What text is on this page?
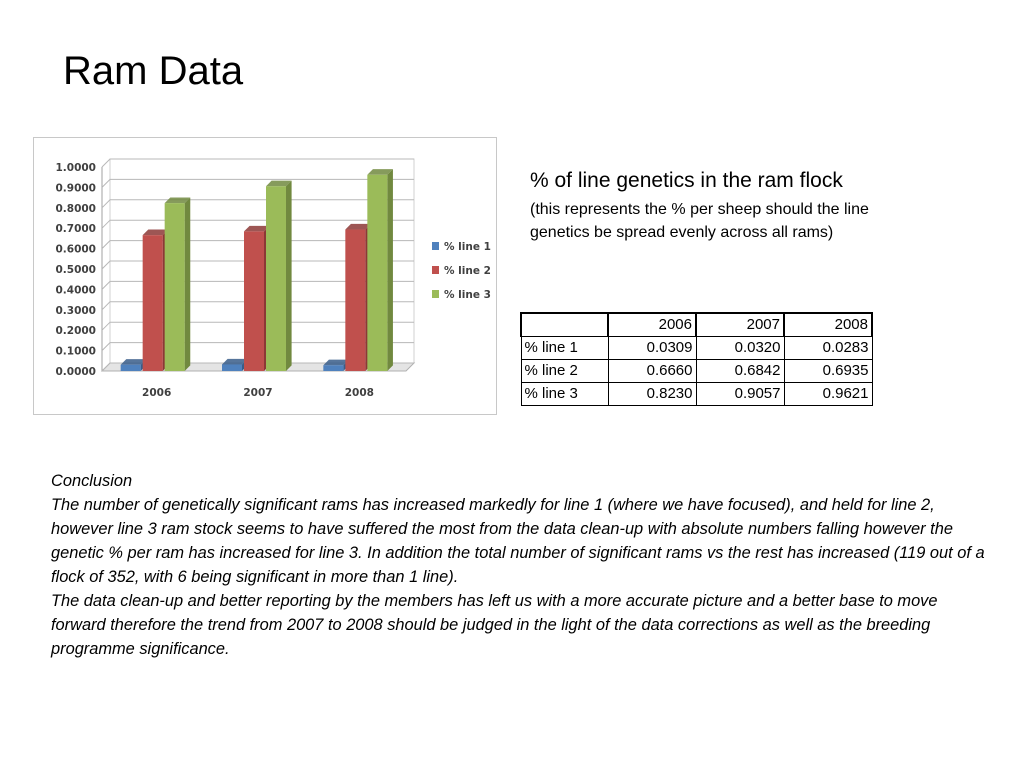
Ram Data
0.0000
0.1000
0.2000
0.3000
0.4000
0.5000
0.6000
0.7000
0.8000
0.9000
1.0000
2006	2007	2008
% line 1
% line 2
% line 3
% of line genetics in the ram flock
(this represents the % per sheep should the line genetics be spread evenly across all rams)
	2006	2007	2008
% line 1	0.0309	0.0320	0.0283
% line 2	0.6660	0.6842	0.6935
% line 3	0.8230	0.9057	0.9621

Conclusion

The number of genetically significant rams has increased markedly for line 1 (where we have focused), and held for line 2, however line 3 ram stock seems to have suffered the most from the data clean-up with absolute numbers falling however the genetic % per ram has increased for line 3. In addition the total number of significant rams vs the rest has increased (119 out of a flock of 352, with 6 being significant in more than 1 line).

The data clean-up and better reporting by the members has left us with a more accurate picture and a better base to move forward therefore the trend from 2007 to 2008 should be judged in the light of the data corrections as well as the breeding programme significance.
